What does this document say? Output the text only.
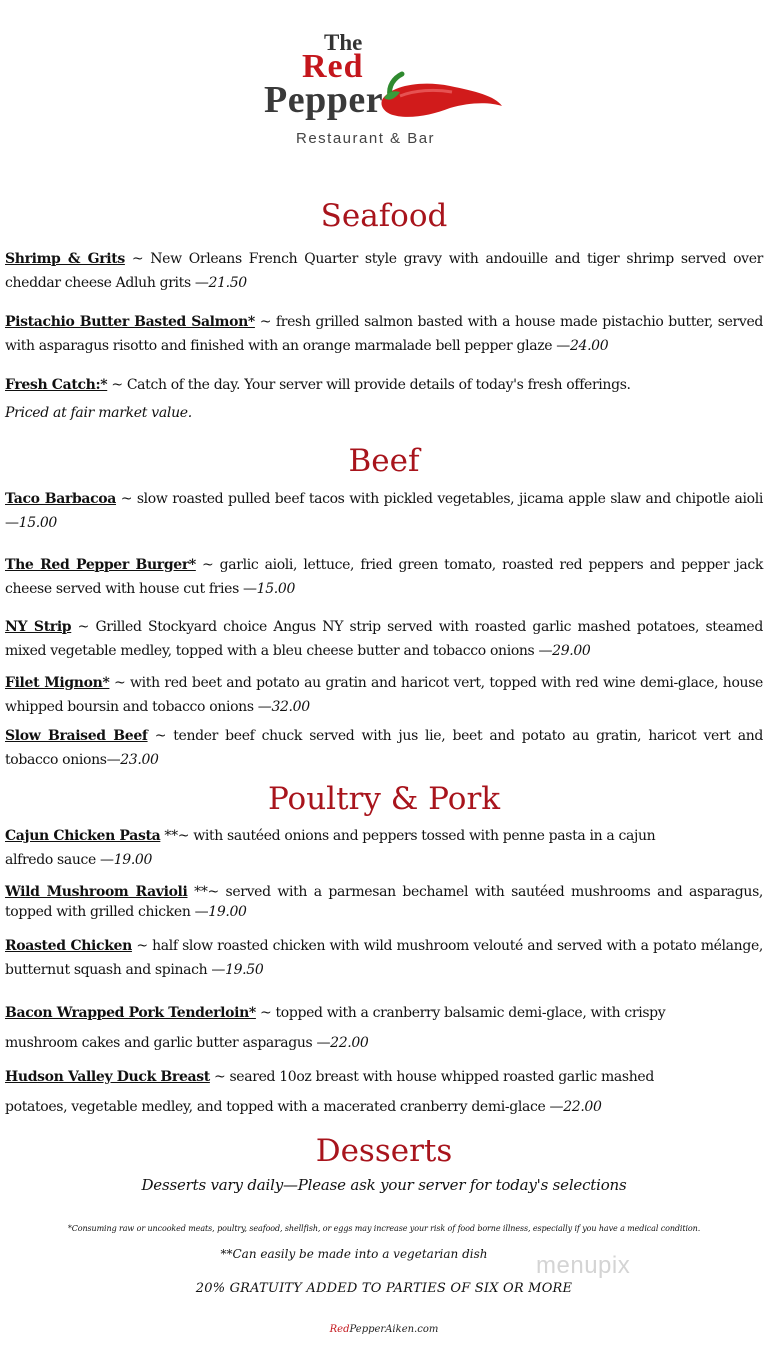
The
Red
Pepper
Restaurant & Bar
Seafood

Shrimp & Grits ~ New Orleans French Quarter style gravy with andouille and tiger shrimp served over cheddar cheese Adluh grits —21.50

Pistachio Butter Basted Salmon* ~ fresh grilled salmon basted with a house made pistachio butter, served with asparagus risotto and finished with an orange marmalade bell pepper glaze —24.00

Fresh Catch:* ~ Catch of the day. Your server will provide details of today's fresh offerings.

Priced at fair market value.

Beef

Taco Barbacoa ~ slow roasted pulled beef tacos with pickled vegetables, jicama apple slaw and chipotle aioli —15.00

The Red Pepper Burger* ~ garlic aioli, lettuce, fried green tomato, roasted red peppers and pepper jack cheese served with house cut fries —15.00

NY Strip ~ Grilled Stockyard choice Angus NY strip served with roasted garlic mashed potatoes, steamed mixed vegetable medley, topped with a bleu cheese butter and tobacco onions —29.00

Filet Mignon* ~ with red beet and potato au gratin and haricot vert, topped with red wine demi-glace, house whipped boursin and tobacco onions —32.00

Slow Braised Beef ~ tender beef chuck served with jus lie, beet and potato au gratin, haricot vert and tobacco onions—23.00

Poultry & Pork

Cajun Chicken Pasta **~ with sautéed onions and peppers tossed with penne pasta in a cajun alfredo sauce —19.00

Wild Mushroom Ravioli **~ served with a parmesan bechamel with sautéed mushrooms and asparagus, topped with grilled chicken —19.00

Roasted Chicken ~ half slow roasted chicken with wild mushroom velouté and served with a potato mélange, butternut squash and spinach —19.50

Bacon Wrapped Pork Tenderloin* ~ topped with a cranberry balsamic demi-glace, with crispy mushroom cakes and garlic butter asparagus —22.00

Hudson Valley Duck Breast ~ seared 10oz breast with house whipped roasted garlic mashed potatoes, vegetable medley, and topped with a macerated cranberry demi-glace —22.00

Desserts

Desserts vary daily—Please ask your server for today's selections

*Consuming raw or uncooked meats, poultry, seafood, shellfish, or eggs may increase your risk of food borne illness, especially if you have a medical condition.

**Can easily be made into a vegetarian dish

20% GRATUITY ADDED TO PARTIES OF SIX OR MORE

RedPepperAiken.com

menupix
